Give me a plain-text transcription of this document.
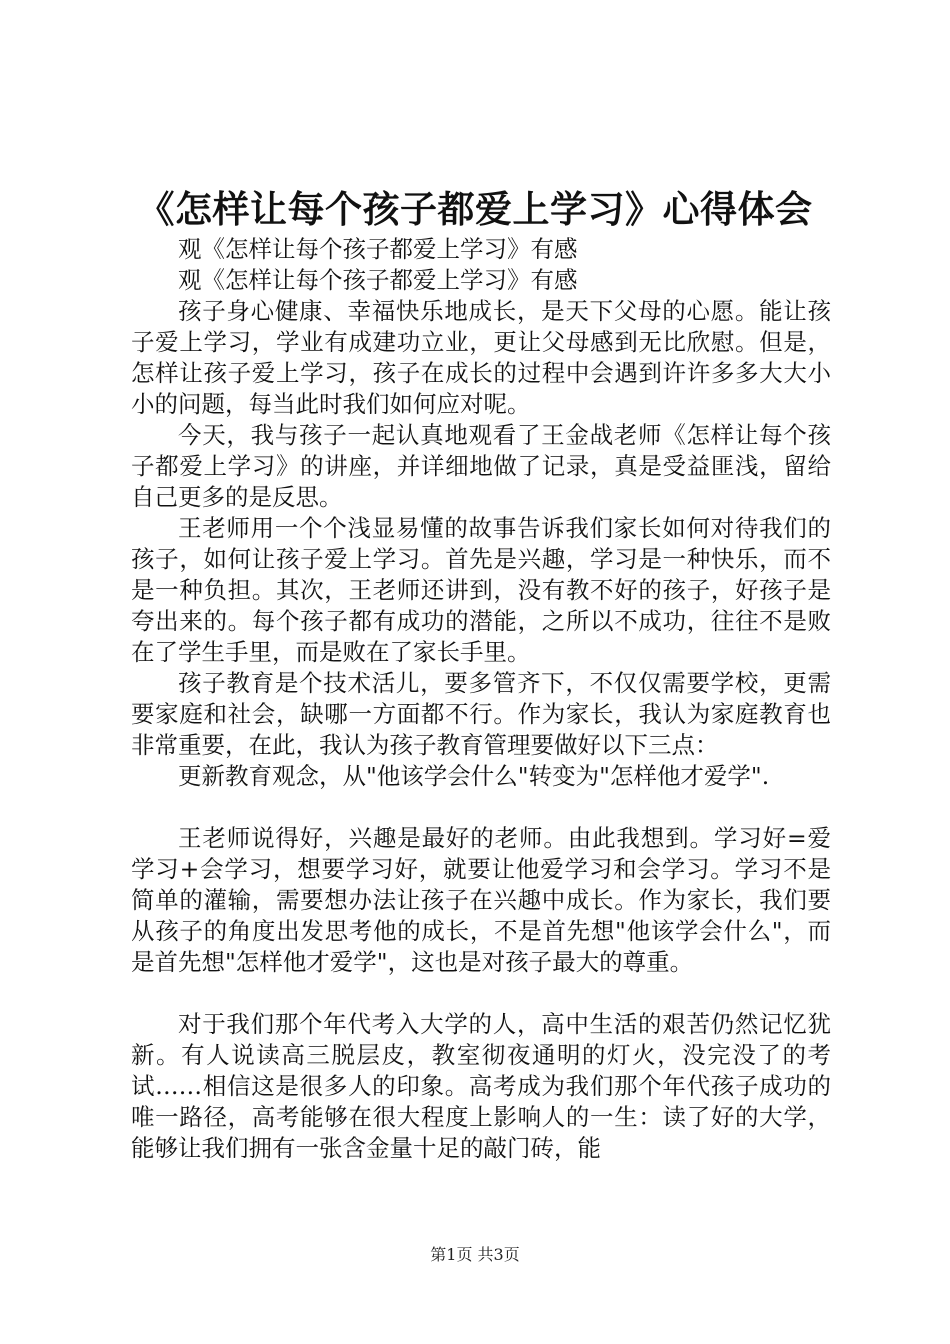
《怎样让每个孩子都爱上学习》心得体会

观《怎样让每个孩子都爱上学习》有感

观《怎样让每个孩子都爱上学习》有感

孩子身心健康、幸福快乐地成长，是天下父母的心愿。能让孩子爱上学习，学业有成建功立业，更让父母感到无比欣慰。但是，怎样让孩子爱上学习，孩子在成长的过程中会遇到许许多多大大小小的问题，每当此时我们如何应对呢。

今天，我与孩子一起认真地观看了王金战老师《怎样让每个孩子都爱上学习》的讲座，并详细地做了记录，真是受益匪浅，留给自己更多的是反思。

王老师用一个个浅显易懂的故事告诉我们家长如何对待我们的孩子，如何让孩子爱上学习。首先是兴趣，学习是一种快乐，而不是一种负担。其次，王老师还讲到，没有教不好的孩子，好孩子是夸出来的。每个孩子都有成功的潜能，之所以不成功，往往不是败在了学生手里，而是败在了家长手里。

孩子教育是个技术活儿，要多管齐下，不仅仅需要学校，更需要家庭和社会，缺哪一方面都不行。作为家长，我认为家庭教育也非常重要，在此，我认为孩子教育管理要做好以下三点：

更新教育观念，从"他该学会什么"转变为"怎样他才爱学".

王老师说得好，兴趣是最好的老师。由此我想到。学习好=爱学习+会学习，想要学习好，就要让他爱学习和会学习。学习不是简单的灌输，需要想办法让孩子在兴趣中成长。作为家长，我们要从孩子的角度出发思考他的成长，不是首先想"他该学会什么"，而是首先想"怎样他才爱学"，这也是对孩子最大的尊重。

对于我们那个年代考入大学的人，高中生活的艰苦仍然记忆犹新。有人说读高三脱层皮，教室彻夜通明的灯火，没完没了的考试……相信这是很多人的印象。高考成为我们那个年代孩子成功的唯一路径，高考能够在很大程度上影响人的一生：读了好的大学，能够让我们拥有一张含金量十足的敲门砖，能

第1页 共3页
